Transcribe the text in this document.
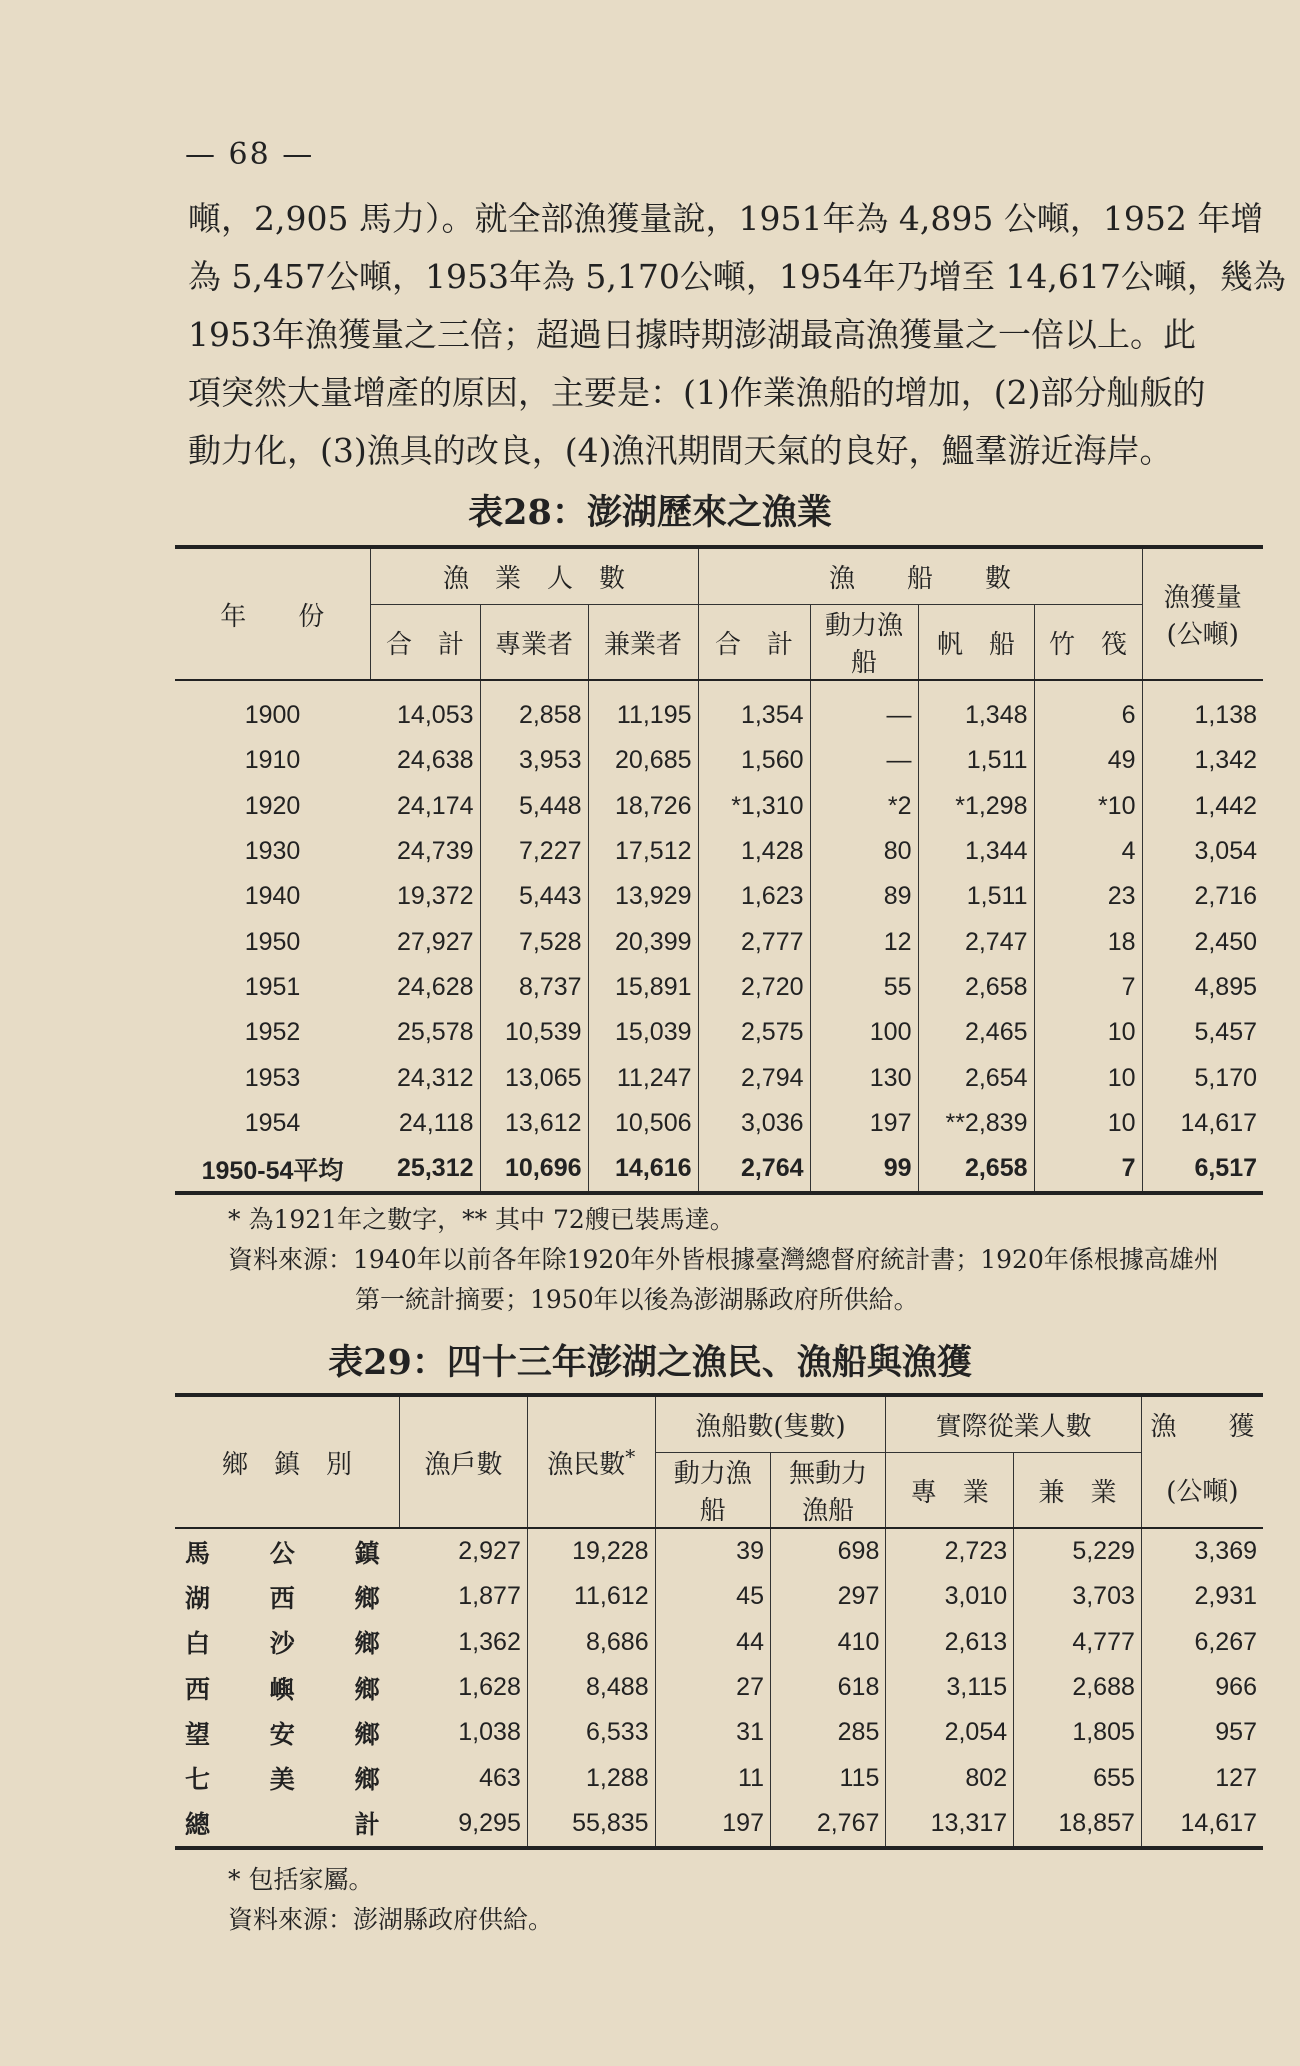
— 68 —
噸，2,905 馬力）。就全部漁獲量說，1951年為 4,895 公噸，1952 年增
為 5,457公噸，1953年為 5,170公噸，1954年乃增至 14,617公噸，幾為
1953年漁獲量之三倍；超過日據時期澎湖最高漁獲量之一倍以上。此
項突然大量增產的原因，主要是：(1)作業漁船的增加，(2)部分舢舨的
動力化，(3)漁具的改良，(4)漁汛期間天氣的良好，鰮羣游近海岸。
表28：澎湖歷來之漁業
年　　份	漁　業　人　數			漁　　船　　數				漁獲量(公噸)
	合　計	專業者	兼業者	合　計	動力漁船	帆　船	竹　筏	
1900	14,053	2,858	11,195	1,354	—	1,348	6	1,138
1910	24,638	3,953	20,685	1,560	—	1,511	49	1,342
1920	24,174	5,448	18,726	*1,310	*2	*1,298	*10	1,442
1930	24,739	7,227	17,512	1,428	80	1,344	4	3,054
1940	19,372	5,443	13,929	1,623	89	1,511	23	2,716
1950	27,927	7,528	20,399	2,777	12	2,747	18	2,450
1951	24,628	8,737	15,891	2,720	55	2,658	7	4,895
1952	25,578	10,539	15,039	2,575	100	2,465	10	5,457
1953	24,312	13,065	11,247	2,794	130	2,654	10	5,170
1954	24,118	13,612	10,506	3,036	197	**2,839	10	14,617
1950-54平均	25,312	10,696	14,616	2,764	99	2,658	7	6,517
* 為1921年之數字，** 其中 72艘已裝馬達。
資料來源：1940年以前各年除1920年外皆根據臺灣總督府統計書；1920年係根據高雄州
第一統計摘要；1950年以後為澎湖縣政府所供給。
表29：四十三年澎湖之漁民、漁船與漁獲
鄉　鎮　別	漁戶數	漁民數*	漁船數(隻數)		實際從業人數		漁　　獲
			動力漁船	無動力漁船	專　業	兼　業	(公噸)
馬公鎮	2,927	19,228	39	698	2,723	5,229	3,369
湖西鄉	1,877	11,612	45	297	3,010	3,703	2,931
白沙鄉	1,362	8,686	44	410	2,613	4,777	6,267
西嶼鄉	1,628	8,488	27	618	3,115	2,688	966
望安鄉	1,038	6,533	31	285	2,054	1,805	957
七美鄉	463	1,288	11	115	802	655	127
總計	9,295	55,835	197	2,767	13,317	18,857	14,617
* 包括家屬。
資料來源：澎湖縣政府供給。
